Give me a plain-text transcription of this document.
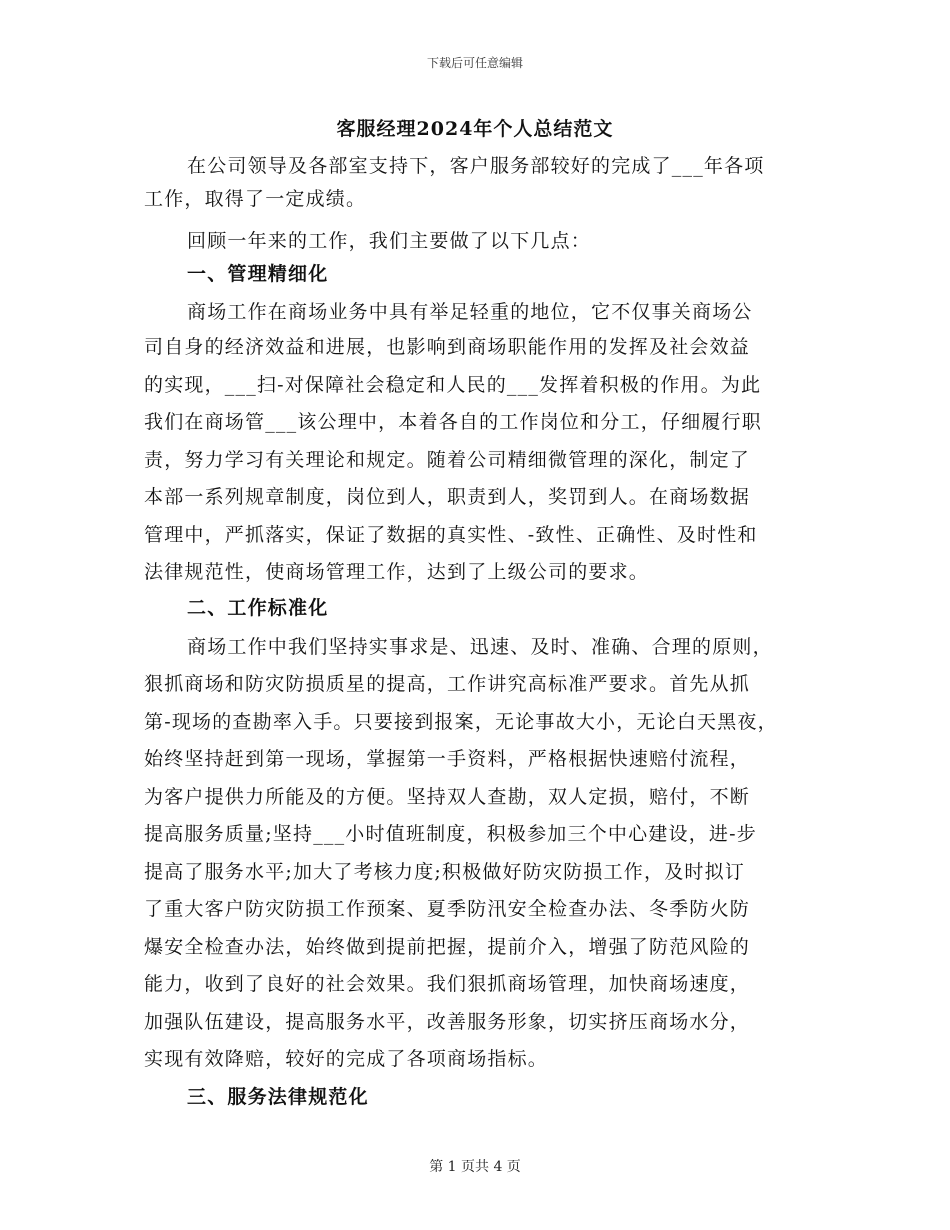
下载后可任意编辑
客服经理2024年个人总结范文
在公司领导及各部室支持下，客户服务部较好的完成了___年各项
工作，取得了一定成绩。
回顾一年来的工作，我们主要做了以下几点：
一、管理精细化
商场工作在商场业务中具有举足轻重的地位，它不仅事关商场公
司自身的经济效益和进展，也影响到商场职能作用的发挥及社会效益
的实现，___扫-对保障社会稳定和人民的___发挥着积极的作用。为此
我们在商场管___该公理中，本着各自的工作岗位和分工，仔细履行职
责，努力学习有关理论和规定。随着公司精细微管理的深化，制定了
本部一系列规章制度，岗位到人，职责到人，奖罚到人。在商场数据
管理中，严抓落实，保证了数据的真实性、-致性、正确性、及时性和
法律规范性，使商场管理工作，达到了上级公司的要求。
二、工作标准化
商场工作中我们坚持实事求是、迅速、及时、准确、合理的原则，
狠抓商场和防灾防损质星的提高，工作讲究高标准严要求。首先从抓
第-现场的查勘率入手。只要接到报案，无论事故大小，无论白天黑夜，
始终坚持赶到第一现场，掌握第一手资料，严格根据快速赔付流程，
为客户提供力所能及的方便。坚持双人查勘，双人定损，赔付，不断
提高服务质量;坚持___小时值班制度，积极参加三个中心建设，进-步
提高了服务水平;加大了考核力度;积极做好防灾防损工作，及时拟订
了重大客户防灾防损工作预案、夏季防汛安全检查办法、冬季防火防
爆安全检查办法，始终做到提前把握，提前介入，增强了防范风险的
能力，收到了良好的社会效果。我们狠抓商场管理，加快商场速度，
加强队伍建设，提高服务水平，改善服务形象，切实挤压商场水分，
实现有效降赔，较好的完成了各项商场指标。
三、服务法律规范化
第 1 页共 4 页
